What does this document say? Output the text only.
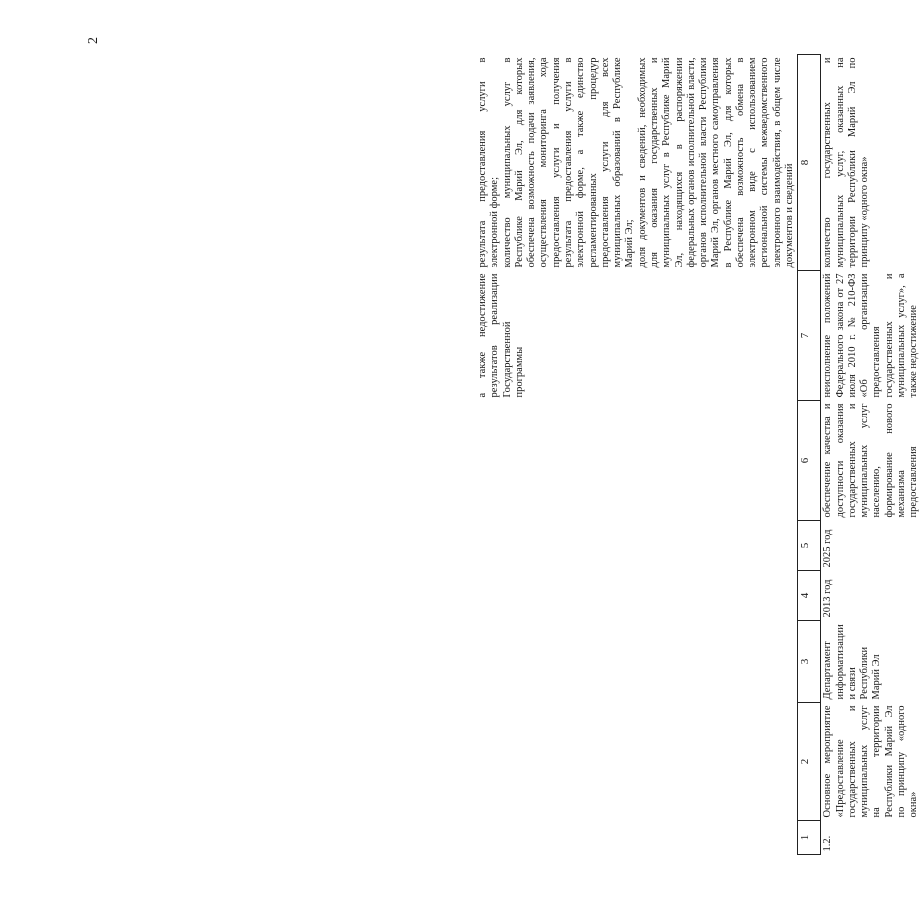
2
						а также недостижение результатов реализации Государственной программы	результата предоставления услуги в электронной форме;
количество муниципальных услуг в Республике Марий Эл, для которых обеспечена возможность подачи заявления, осуществления мониторинга хода предоставления услуги и получения результата предоставления услуги в электронной форме, а также единство регламентированных процедур предоставления услуги для всех муниципальных образований в Республике Марий Эл;
доля документов и сведений, необходимых для оказания государственных и муниципальных услуг в Республике Марий Эл, находящихся в распоряжении федеральных органов исполнительной власти, органов исполнительной власти Республики Марий Эл, органов местного самоуправления в Республике Марий Эл, для которых обеспечена возможность обмена в электронном виде с использованием региональной системы межведомственного электронного взаимодействия, в общем числе документов и сведений
1	2	3	4	5	6	7	8
1.2.	Основное мероприятие «Предоставление государственных и муниципальных услуг на территории Республики Марий Эл по принципу «одного окна»	Департамент информатизации и связи Республики Марий Эл	2013 год	2025 год	обеспечение качества и доступности оказания государственных и муниципальных услуг населению, формирование нового механизма предоставления	неисполнение положений Федерального закона от 27 июля 2010 г. № 210-ФЗ «Об организации предоставления государственных и муниципальных услуг», а также недостижение	количество государственных и муниципальных услуг, оказанных на территории Республики Марий Эл по принципу «одного окна»
